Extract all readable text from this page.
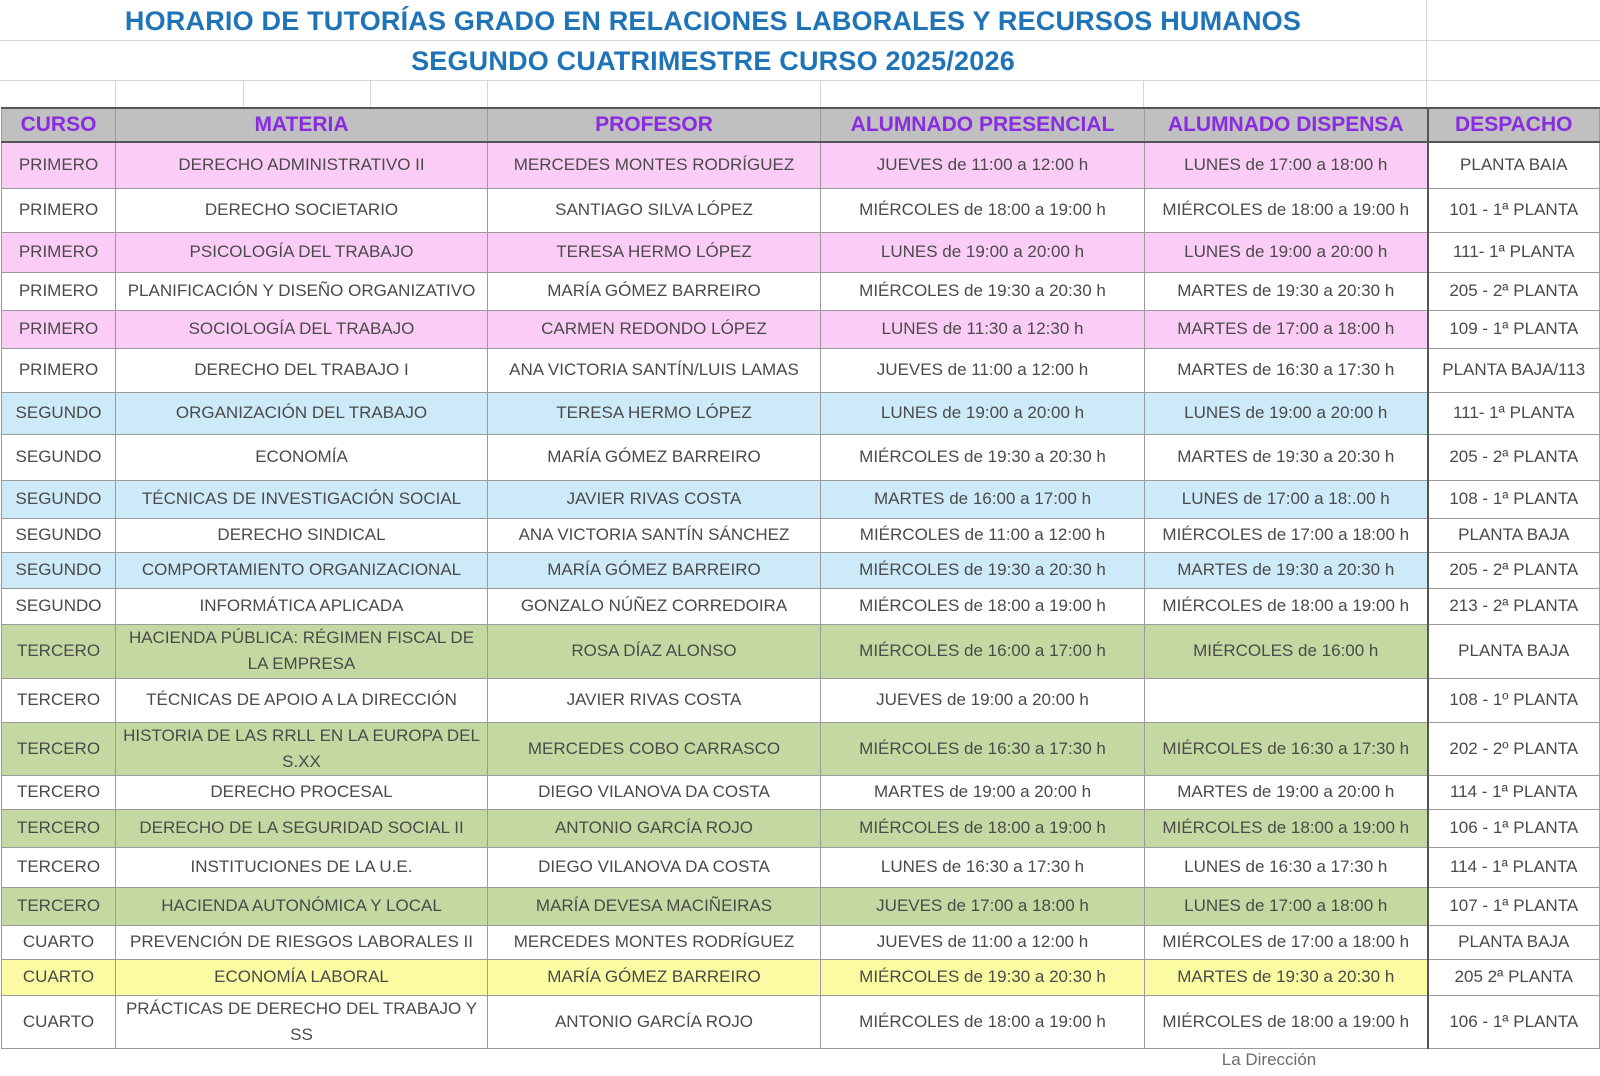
HORARIO DE TUTORÍAS GRADO EN RELACIONES LABORALES Y RECURSOS HUMANOS
SEGUNDO CUATRIMESTRE CURSO 2025/2026
CURSO	MATERIA	PROFESOR	ALUMNADO PRESENCIAL	ALUMNADO DISPENSA	DESPACHO
PRIMERO	DERECHO ADMINISTRATIVO II	MERCEDES MONTES RODRÍGUEZ	JUEVES de 11:00 a 12:00 h	LUNES de 17:00 a 18:00 h	PLANTA BAIA
PRIMERO	DERECHO SOCIETARIO	SANTIAGO SILVA LÓPEZ	MIÉRCOLES de 18:00 a 19:00 h	MIÉRCOLES de 18:00 a 19:00 h	101 - 1ª PLANTA
PRIMERO	PSICOLOGÍA DEL TRABAJO	TERESA HERMO LÓPEZ	LUNES de 19:00 a 20:00 h	LUNES de 19:00 a 20:00 h	111- 1ª PLANTA
PRIMERO	PLANIFICACIÓN Y DISEÑO ORGANIZATIVO	MARÍA GÓMEZ BARREIRO	MIÉRCOLES de 19:30 a 20:30 h	MARTES de 19:30 a 20:30 h	205 - 2ª PLANTA
PRIMERO	SOCIOLOGÍA DEL TRABAJO	CARMEN REDONDO LÓPEZ	LUNES de 11:30 a 12:30 h	MARTES de 17:00 a 18:00 h	109 - 1ª PLANTA
PRIMERO	DERECHO DEL TRABAJO I	ANA VICTORIA SANTÍN/LUIS LAMAS	JUEVES de 11:00 a 12:00 h	MARTES de 16:30 a 17:30 h	PLANTA BAJA/113
SEGUNDO	ORGANIZACIÓN DEL TRABAJO	TERESA HERMO LÓPEZ	LUNES de 19:00 a 20:00 h	LUNES de 19:00 a 20:00 h	111- 1ª PLANTA
SEGUNDO	ECONOMÍA	MARÍA GÓMEZ BARREIRO	MIÉRCOLES de 19:30 a 20:30 h	MARTES de 19:30 a 20:30 h	205 - 2ª PLANTA
SEGUNDO	TÉCNICAS DE INVESTIGACIÓN SOCIAL	JAVIER RIVAS COSTA	MARTES de 16:00 a 17:00 h	LUNES de 17:00 a 18:.00 h	108 - 1ª PLANTA
SEGUNDO	DERECHO SINDICAL	ANA VICTORIA SANTÍN SÁNCHEZ	MIÉRCOLES de 11:00 a 12:00 h	MIÉRCOLES de 17:00 a 18:00 h	PLANTA BAJA
SEGUNDO	COMPORTAMIENTO ORGANIZACIONAL	MARÍA GÓMEZ BARREIRO	MIÉRCOLES de 19:30 a 20:30 h	MARTES de 19:30 a 20:30 h	205 - 2ª PLANTA
SEGUNDO	INFORMÁTICA APLICADA	GONZALO NÚÑEZ CORREDOIRA	MIÉRCOLES de 18:00 a 19:00 h	MIÉRCOLES de 18:00 a 19:00 h	213 - 2ª PLANTA
TERCERO	HACIENDA PÚBLICA: RÉGIMEN FISCAL DE LA EMPRESA	ROSA DÍAZ ALONSO	MIÉRCOLES de 16:00 a 17:00 h	MIÉRCOLES de 16:00 h	PLANTA BAJA
TERCERO	TÉCNICAS DE APOIO A LA DIRECCIÓN	JAVIER RIVAS COSTA	JUEVES de 19:00 a 20:00 h		108 - 1º PLANTA
TERCERO	HISTORIA DE LAS RRLL EN LA EUROPA DEL S.XX	MERCEDES COBO CARRASCO	MIÉRCOLES de 16:30 a 17:30 h	MIÉRCOLES de 16:30 a 17:30 h	202 - 2º PLANTA
TERCERO	DERECHO PROCESAL	DIEGO VILANOVA DA COSTA	MARTES de 19:00 a 20:00 h	MARTES de 19:00 a 20:00 h	114 - 1ª PLANTA
TERCERO	DERECHO DE LA SEGURIDAD SOCIAL II	ANTONIO GARCÍA ROJO	MIÉRCOLES de 18:00 a 19:00 h	MIÉRCOLES de 18:00 a 19:00 h	106 - 1ª PLANTA
TERCERO	INSTITUCIONES DE LA U.E.	DIEGO VILANOVA DA COSTA	LUNES de 16:30 a 17:30 h	LUNES de 16:30 a 17:30 h	114 - 1ª PLANTA
TERCERO	HACIENDA AUTONÓMICA Y LOCAL	MARÍA DEVESA MACIÑEIRAS	JUEVES de 17:00 a 18:00 h	LUNES de 17:00 a 18:00 h	107 - 1ª PLANTA
CUARTO	PREVENCIÓN DE RIESGOS LABORALES II	MERCEDES MONTES RODRÍGUEZ	JUEVES de 11:00 a 12:00 h	MIÉRCOLES de 17:00 a 18:00 h	PLANTA BAJA
CUARTO	ECONOMÍA LABORAL	MARÍA GÓMEZ BARREIRO	MIÉRCOLES de 19:30 a 20:30 h	MARTES de 19:30 a 20:30 h	205 2ª PLANTA
CUARTO	PRÁCTICAS DE DERECHO DEL TRABAJO Y SS	ANTONIO GARCÍA ROJO	MIÉRCOLES de 18:00 a 19:00 h	MIÉRCOLES de 18:00 a 19:00 h	106 - 1ª PLANTA
La Dirección
